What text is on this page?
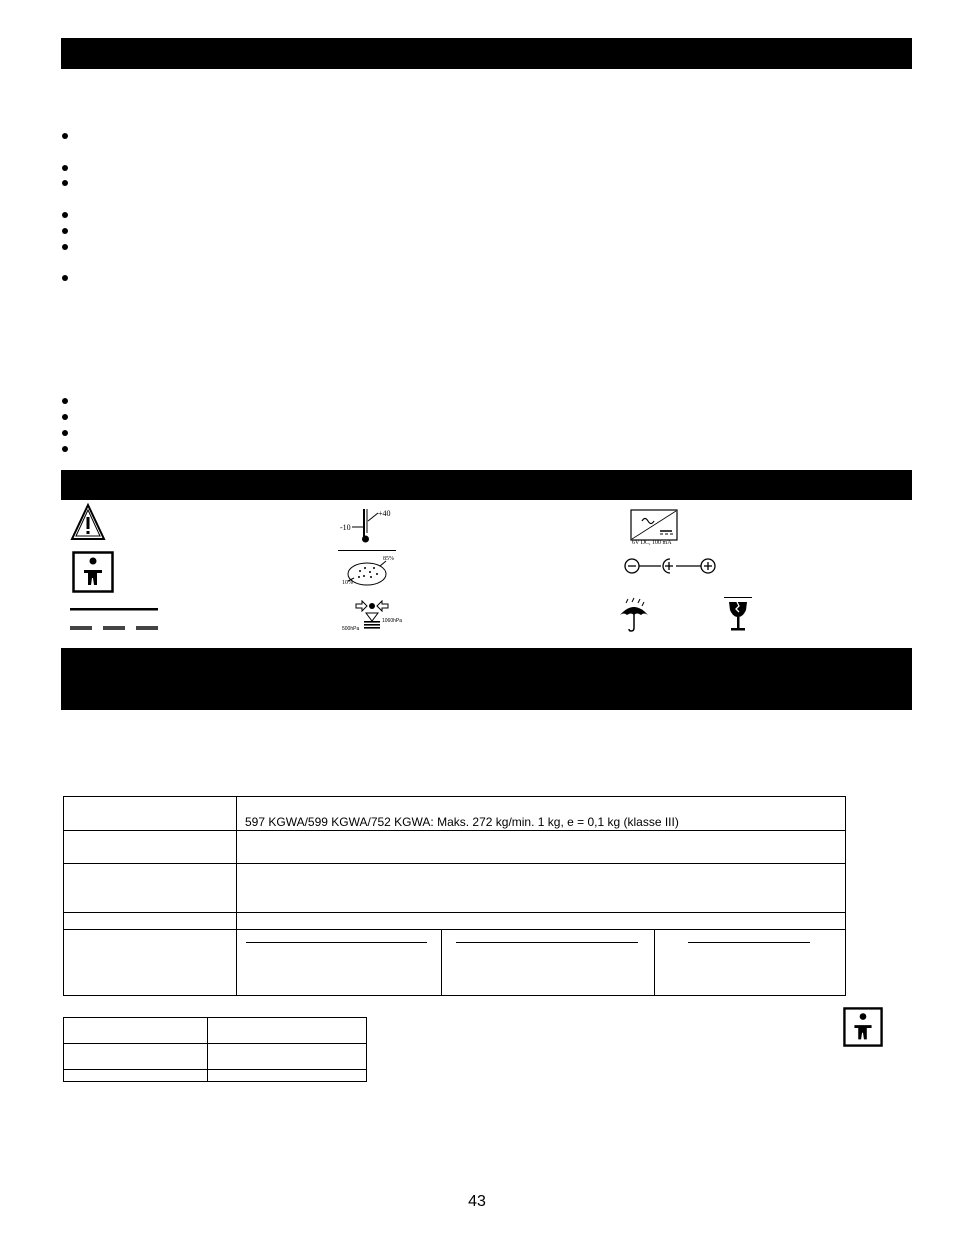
+40
-10
85%
10%
1060hPa
500hPa
6V DC, 100 mA
	597 KGWA/599 KGWA/752 KGWA: Maks. 272 kg/min. 1 kg, e = 0,1 kg (klasse III)		

43
